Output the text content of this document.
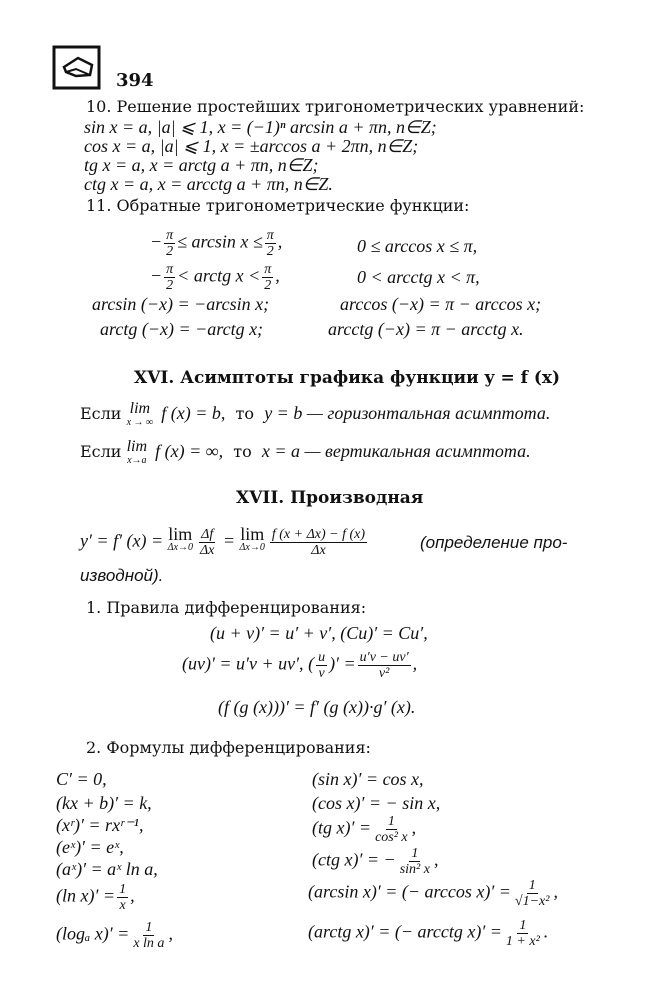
394
10. Решение простейших тригонометрических уравнений:
sin x = a, |a| ⩽ 1, x = (−1)ⁿ arcsin a + πn, n∈Z;
cos x = a, |a| ⩽ 1, x = ±arccos a + 2πn, n∈Z;
tg x = a, x = arctg a + πn, n∈Z;
ctg x = a, x = arcctg a + πn, n∈Z.
11. Обратные тригонометрические функции:
− $\frac{\pi}{2} \le \arcsin x \le \frac{\pi}{2}$ ,	0 ≤ arccos x ≤ π,
− $\frac{\pi}{2}$ < arctg $x < \frac{\pi}{2}$ ,	0 < arcctg x < π,
arcsin (−x) = −arcsin x;	arccos (−x) = π − arccos x;
arctg (−x) = −arctg x;	arcctg (−x) = π − arcctg x.
XVI. Асимптоты графика функции y = f (x)
Если lim
x → ∞ f (x) = b, то y = b — горизонтальная асимптота.
Если lim
x→a f (x) = ∞, то x = a — вертикальная асимптота.
XVII. Производная
y′ = f′ (x) = lim
$\Delta x\to 0 \frac{\Delta f}{\Delta x} = \lim$
$\Delta x\to 0 \frac{f (x + \Delta x) - f (x)}{\Delta x}$	(определение про-
изводной).
1. Правила дифференцирования:
(u + v)′ = u′ + v′, (Cu)′ = Cu′,
(uv)′ = u′v + uv′, ( $\frac{u}{v}$ )′ = $\frac{u'v - uv'}{\text{v²}}$ ,
(f (g (x)))′ = f′ (g (x))·g′ (x).
2. Формулы дифференцирования:
C′ = 0,
(kx + b)′ = k,
(xʳ)′ = rxʳ⁻¹,
(eˣ)′ = eˣ,
(aˣ)′ = aˣ ln a,
(ln $x)' = \frac{1}{x}$ ,
(logₐ $x)' = \frac{1}{\text{x ln a}}$ ,
(sin x)′ = cos x,
(cos x)′ = − sin x,
(tg $x)' = \frac{1}{\text{cos² x}}$ ,
(ctg x)′ = − $\frac{1}{\text{sin² x}}$ ,
(arcsin x)′ = (− $\arccos x)' = \frac{1}{\text{√1−x²}}$ ,
(arctg x)′ = (− arcctg $x)' = \frac{1}{\text{1 + x²}}$ .
